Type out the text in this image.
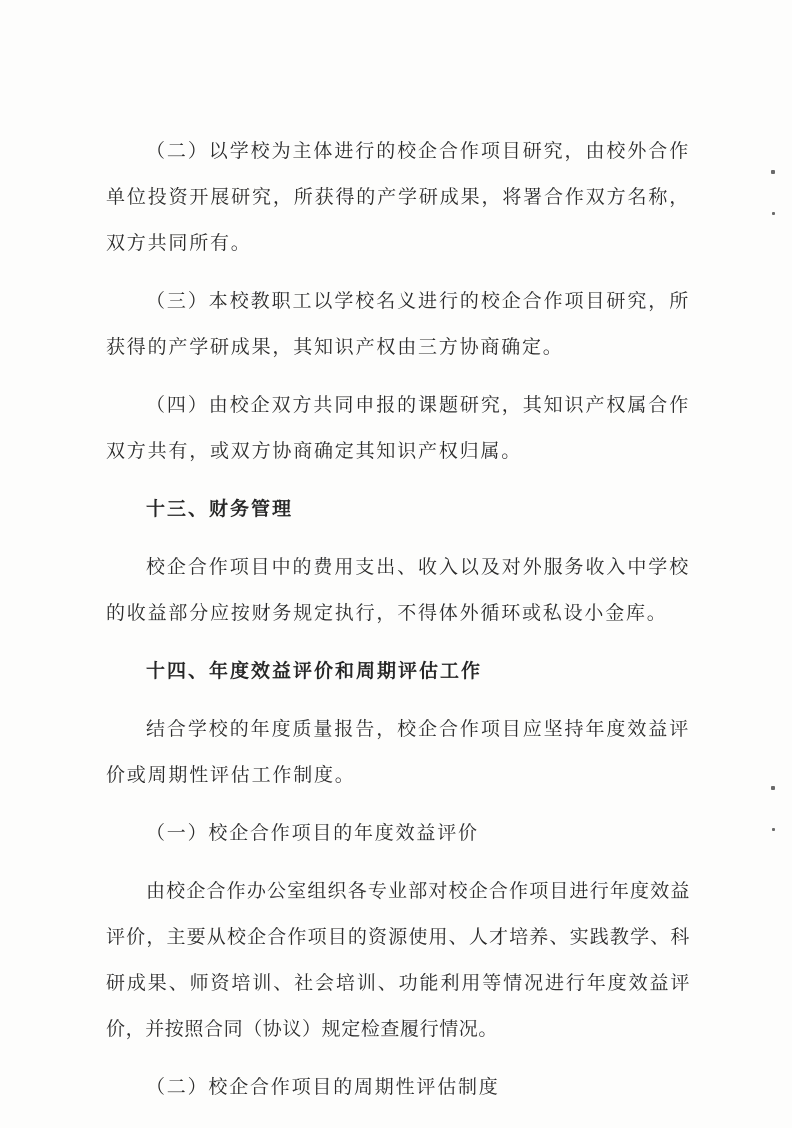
（二）以学校为主体进行的校企合作项目研究，由校外合作单位投资开展研究，所获得的产学研成果，将署合作双方名称，双方共同所有。

（三）本校教职工以学校名义进行的校企合作项目研究，所获得的产学研成果，其知识产权由三方协商确定。

（四）由校企双方共同申报的课题研究，其知识产权属合作双方共有，或双方协商确定其知识产权归属。

十三、财务管理

校企合作项目中的费用支出、收入以及对外服务收入中学校的收益部分应按财务规定执行，不得体外循环或私设小金库。

十四、年度效益评价和周期评估工作

结合学校的年度质量报告，校企合作项目应坚持年度效益评价或周期性评估工作制度。

（一）校企合作项目的年度效益评价

由校企合作办公室组织各专业部对校企合作项目进行年度效益评价，主要从校企合作项目的资源使用、人才培养、实践教学、科研成果、师资培训、社会培训、功能利用等情况进行年度效益评价，并按照合同（协议）规定检查履行情况。

（二）校企合作项目的周期性评估制度
